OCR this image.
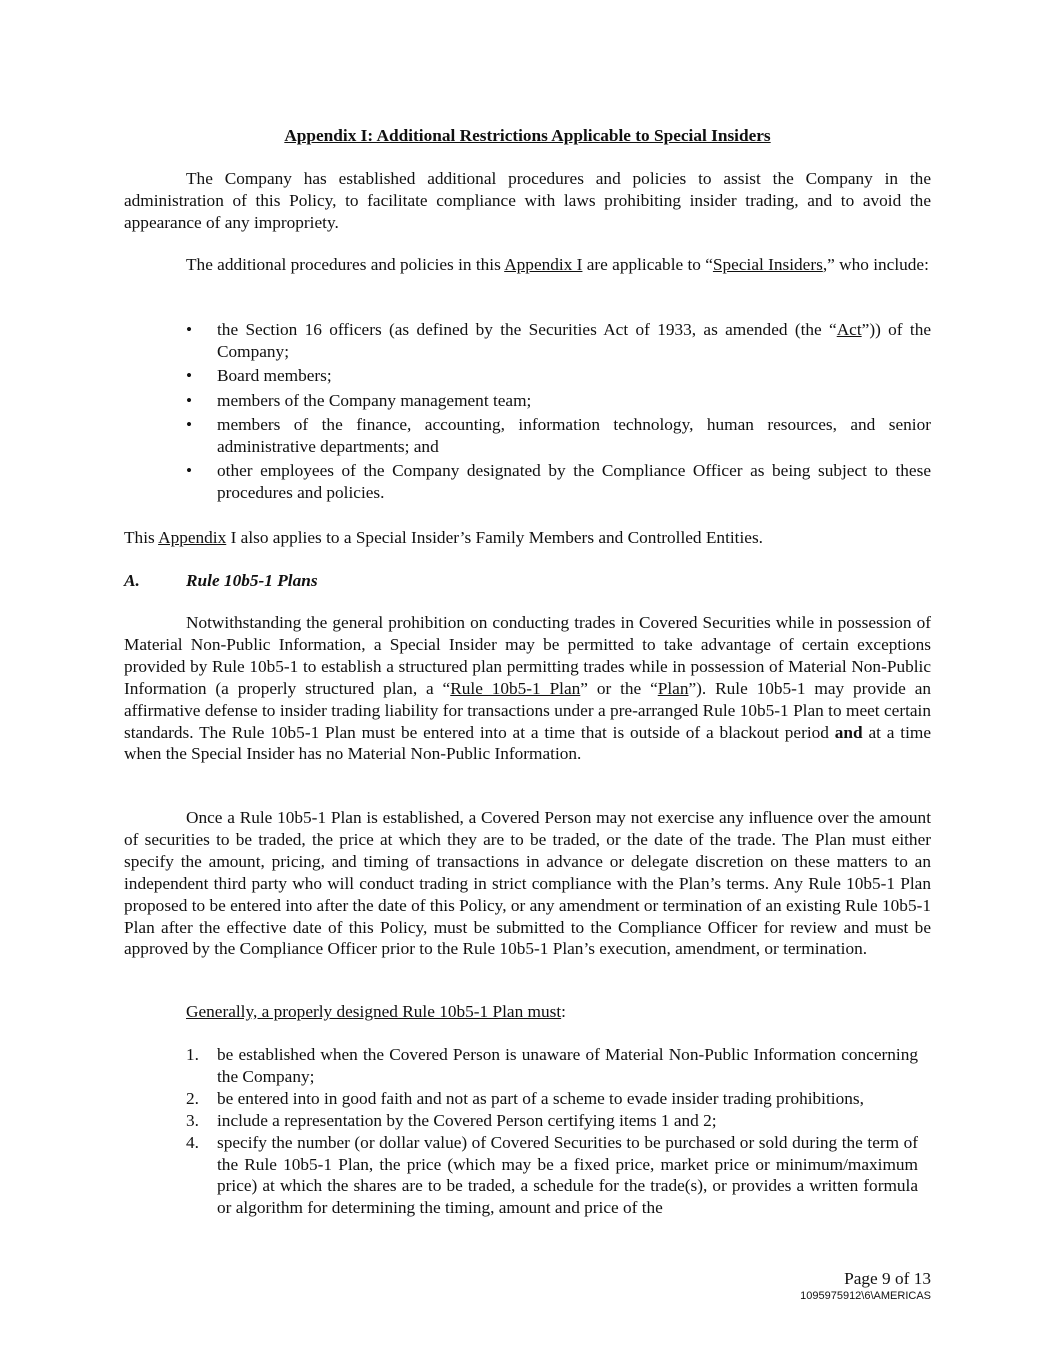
Appendix I: Additional Restrictions Applicable to Special Insiders

The Company has established additional procedures and policies to assist the Company in the administration of this Policy, to facilitate compliance with laws prohibiting insider trading, and to avoid the appearance of any impropriety.

The additional procedures and policies in this Appendix I are applicable to “Special Insiders,” who include:

• the Section 16 officers (as defined by the Securities Act of 1933, as amended (the “Act”)) of the Company;
• Board members;
• members of the Company management team;
• members of the finance, accounting, information technology, human resources, and senior administrative departments; and
• other employees of the Company designated by the Compliance Officer as being subject to these procedures and policies.

This Appendix I also applies to a Special Insider’s Family Members and Controlled Entities.

A.	Rule 10b5-1 Plans

Notwithstanding the general prohibition on conducting trades in Covered Securities while in possession of Material Non-Public Information, a Special Insider may be permitted to take advantage of certain exceptions provided by Rule 10b5-1 to establish a structured plan permitting trades while in possession of Material Non-Public Information (a properly structured plan, a “Rule 10b5-1 Plan” or the “Plan”). Rule 10b5-1 may provide an affirmative defense to insider trading liability for transactions under a pre-arranged Rule 10b5-1 Plan to meet certain standards. The Rule 10b5-1 Plan must be entered into at a time that is outside of a blackout period and at a time when the Special Insider has no Material Non-Public Information.

Once a Rule 10b5-1 Plan is established, a Covered Person may not exercise any influence over the amount of securities to be traded, the price at which they are to be traded, or the date of the trade. The Plan must either specify the amount, pricing, and timing of transactions in advance or delegate discretion on these matters to an independent third party who will conduct trading in strict compliance with the Plan’s terms. Any Rule 10b5-1 Plan proposed to be entered into after the date of this Policy, or any amendment or termination of an existing Rule 10b5-1 Plan after the effective date of this Policy, must be submitted to the Compliance Officer for review and must be approved by the Compliance Officer prior to the Rule 10b5-1 Plan’s execution, amendment, or termination.

Generally, a properly designed Rule 10b5-1 Plan must:

1. be established when the Covered Person is unaware of Material Non-Public Information concerning the Company;
2. be entered into in good faith and not as part of a scheme to evade insider trading prohibitions,
3. include a representation by the Covered Person certifying items 1 and 2;
4. specify the number (or dollar value) of Covered Securities to be purchased or sold during the term of the Rule 10b5-1 Plan, the price (which may be a fixed price, market price or minimum/maximum price) at which the shares are to be traded, a schedule for the trade(s), or provides a written formula or algorithm for determining the timing, amount and price of the
Page 9 of 13
1095975912\6\AMERICAS
